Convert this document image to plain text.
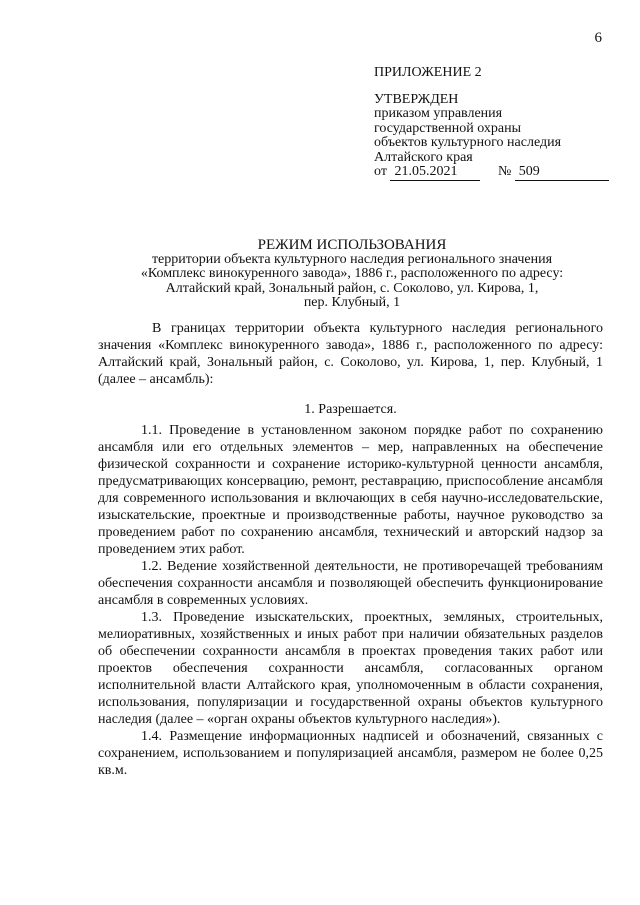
6
ПРИЛОЖЕНИЕ 2
УТВЕРЖДЕН
приказом управления
государственной охраны
объектов культурного наследия
Алтайского края
от 21.05.2021	№ 509
РЕЖИМ ИСПОЛЬЗОВАНИЯ
территории объекта культурного наследия регионального значения
«Комплекс винокуренного завода», 1886 г., расположенного по адресу:
Алтайский край, Зональный район, с. Соколово, ул. Кирова, 1,
пер. Клубный, 1

В границах территории объекта культурного наследия регионального значения «Комплекс винокуренного завода», 1886 г., расположенного по адресу: Алтайский край, Зональный район, с. Соколово, ул. Кирова, 1, пер. Клубный, 1 (далее – ансамбль):

1. Разрешается.

1.1. Проведение в установленном законом порядке работ по сохранению ансамбля или его отдельных элементов – мер, направленных на обеспечение физической сохранности и сохранение историко-культурной ценности ансамбля, предусматривающих консервацию, ремонт, реставрацию, приспособление ансамбля для современного использования и включающих в себя научно-исследовательские, изыскательские, проектные и производственные работы, научное руководство за проведением работ по сохранению ансамбля, технический и авторский надзор за проведением этих работ.

1.2. Ведение хозяйственной деятельности, не противоречащей требованиям обеспечения сохранности ансамбля и позволяющей обеспечить функционирование ансамбля в современных условиях.

1.3. Проведение изыскательских, проектных, земляных, строительных, мелиоративных, хозяйственных и иных работ при наличии обязательных разделов об обеспечении сохранности ансамбля в проектах проведения таких работ или проектов обеспечения сохранности ансамбля, согласованных органом исполнительной власти Алтайского края, уполномоченным в области сохранения, использования, популяризации и государственной охраны объектов культурного наследия (далее – «орган охраны объектов культурного наследия»).

1.4. Размещение информационных надписей и обозначений, связанных с сохранением, использованием и популяризацией ансамбля, размером не более 0,25 кв.м.
